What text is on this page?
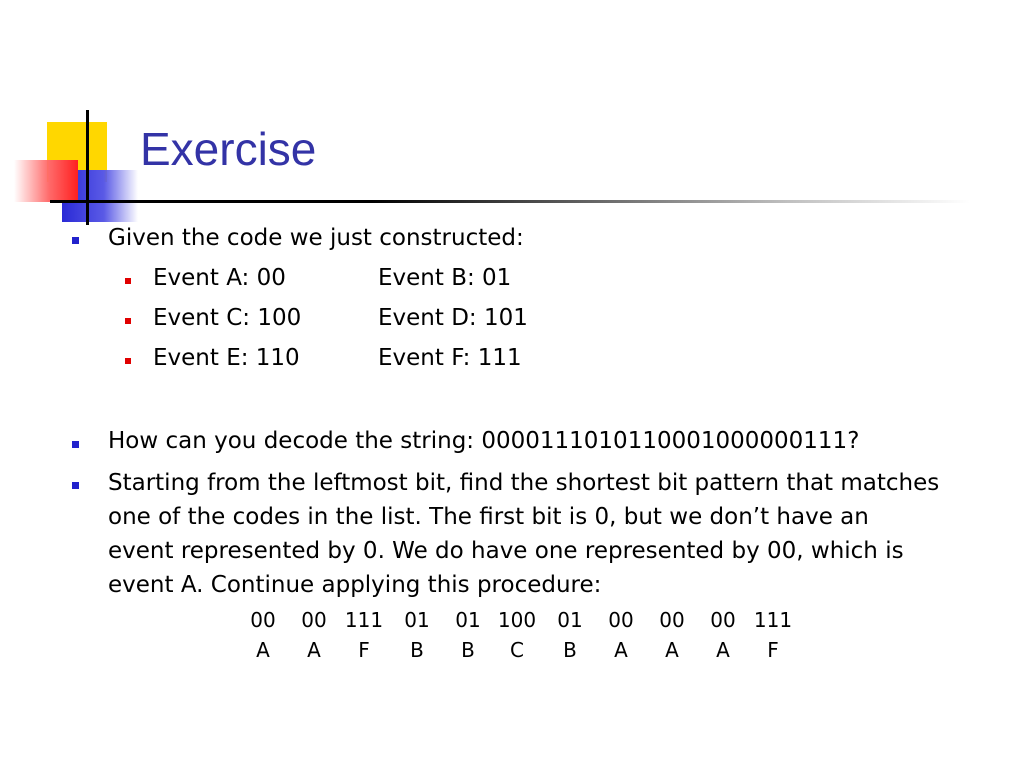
Exercise
Given the code we just constructed:
Event A: 00	Event B: 01
Event C: 100	Event D: 101
Event E: 110	Event F: 111
How can you decode the string: 0000111010110001000000111?
Starting from the leftmost bit, find the shortest bit pattern that matches
one of the codes in the list. The first bit is 0, but we don’t have an
event represented by 0. We do have one represented by 00, which is
event A. Continue applying this procedure:
00	00 111	01	01 100	01	00	00	00 111
A	A	F	B	B	C	B	A	A	A	F
